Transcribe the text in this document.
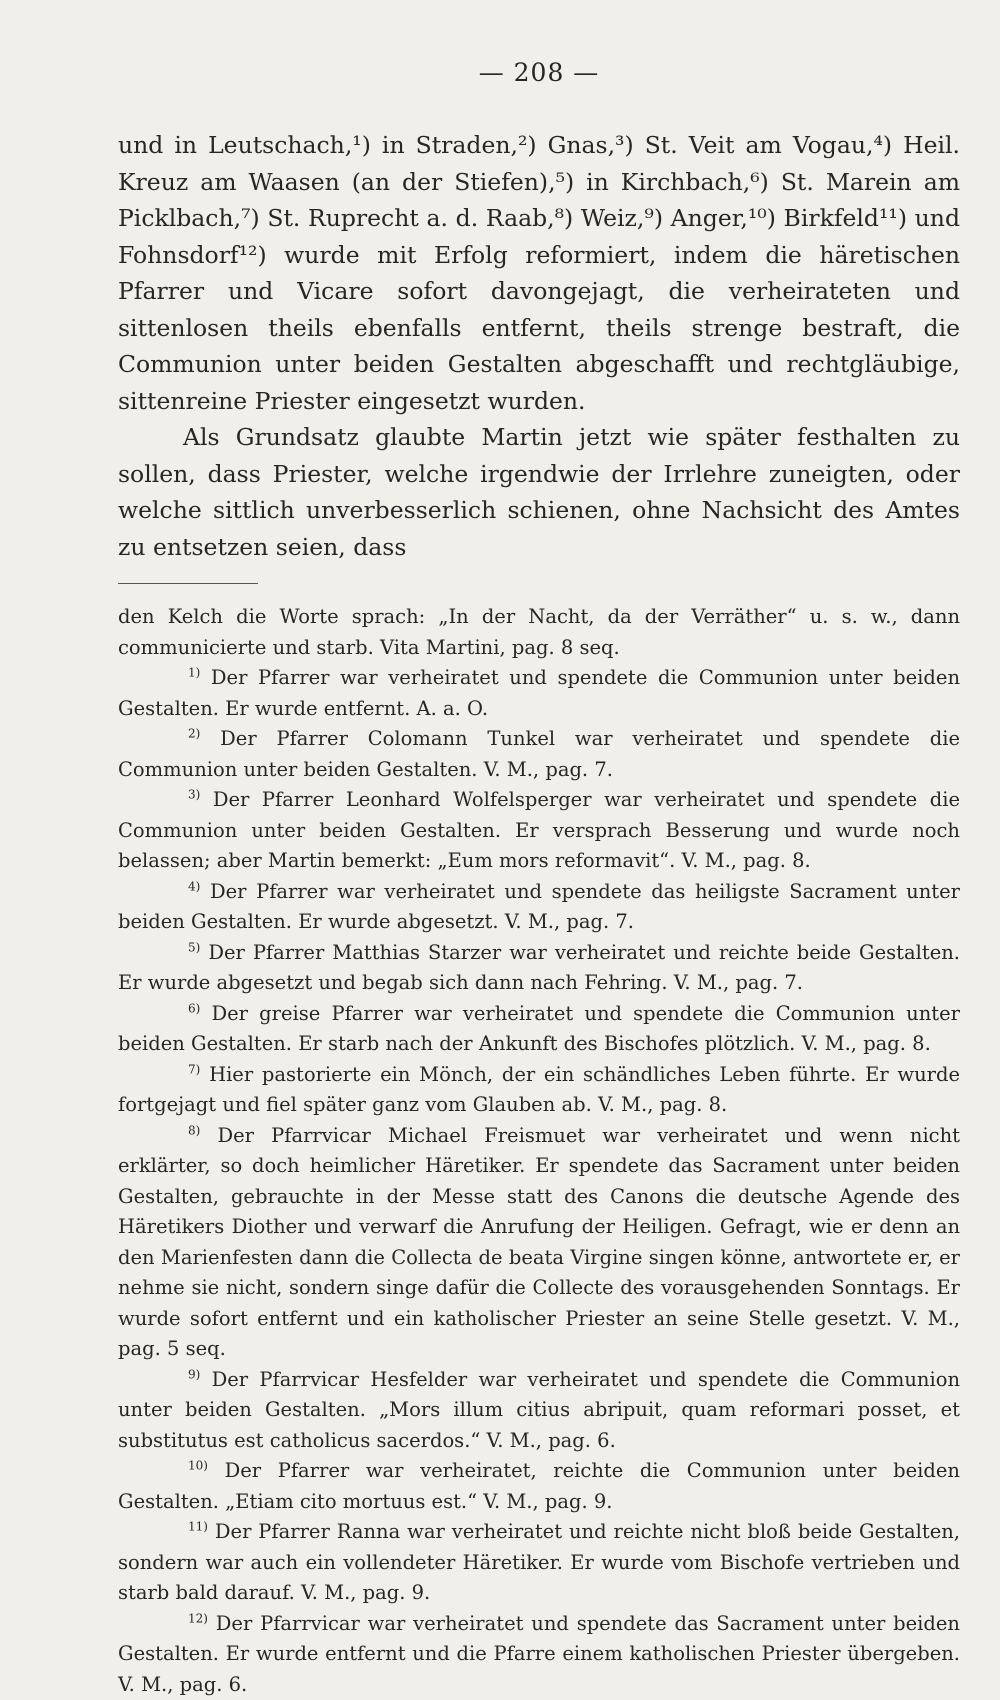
— 208 —

und in Leutschach,¹) in Straden,²) Gnas,³) St. Veit am Vogau,⁴) Heil. Kreuz am Waasen (an der Stiefen),⁵) in Kirchbach,⁶) St. Marein am Picklbach,⁷) St. Ruprecht a. d. Raab,⁸) Weiz,⁹) Anger,¹⁰) Birkfeld¹¹) und Fohnsdorf¹²) wurde mit Erfolg reformiert, indem die häretischen Pfarrer und Vicare sofort davongejagt, die verheirateten und sittenlosen theils ebenfalls entfernt, theils strenge bestraft, die Communion unter beiden Gestalten abgeschafft und rechtgläubige, sittenreine Priester eingesetzt wurden.

Als Grundsatz glaubte Martin jetzt wie später festhalten zu sollen, dass Priester, welche irgendwie der Irrlehre zuneigten, oder welche sittlich unverbesserlich schienen, ohne Nachsicht des Amtes zu entsetzen seien, dass

den Kelch die Worte sprach: „In der Nacht, da der Verräther“ u. s. w., dann communicierte und starb. Vita Martini, pag. 8 seq.

$^{1)}$ Der Pfarrer war verheiratet und spendete die Communion unter beiden Gestalten. Er wurde entfernt. A. a. O.

$^{2)}$ Der Pfarrer Colomann Tunkel war verheiratet und spendete die Communion unter beiden Gestalten. V. M., pag. 7.

$^{3)}$ Der Pfarrer Leonhard Wolfelsperger war verheiratet und spendete die Communion unter beiden Gestalten. Er versprach Besserung und wurde noch belassen; aber Martin bemerkt: „Eum mors reformavit“. V. M., pag. 8.

$^{4)}$ Der Pfarrer war verheiratet und spendete das heiligste Sacrament unter beiden Gestalten. Er wurde abgesetzt. V. M., pag. 7.

$^{5)}$ Der Pfarrer Matthias Starzer war verheiratet und reichte beide Gestalten. Er wurde abgesetzt und begab sich dann nach Fehring. V. M., pag. 7.

$^{6)}$ Der greise Pfarrer war verheiratet und spendete die Communion unter beiden Gestalten. Er starb nach der Ankunft des Bischofes plötzlich. V. M., pag. 8.

$^{7)}$ Hier pastorierte ein Mönch, der ein schändliches Leben führte. Er wurde fortgejagt und fiel später ganz vom Glauben ab. V. M., pag. 8.

$^{8)}$ Der Pfarrvicar Michael Freismuet war verheiratet und wenn nicht erklärter, so doch heimlicher Häretiker. Er spendete das Sacrament unter beiden Gestalten, gebrauchte in der Messe statt des Canons die deutsche Agende des Häretikers Diother und verwarf die Anrufung der Heiligen. Gefragt, wie er denn an den Marienfesten dann die Collecta de beata Virgine singen könne, antwortete er, er nehme sie nicht, sondern singe dafür die Collecte des vorausgehenden Sonntags. Er wurde sofort entfernt und ein katholischer Priester an seine Stelle gesetzt. V. M., pag. 5 seq.

$^{9)}$ Der Pfarrvicar Hesfelder war verheiratet und spendete die Communion unter beiden Gestalten. „Mors illum citius abripuit, quam reformari posset, et substitutus est catholicus sacerdos.“ V. M., pag. 6.

$^{10)}$ Der Pfarrer war verheiratet, reichte die Communion unter beiden Gestalten. „Etiam cito mortuus est.“ V. M., pag. 9.

$^{11)}$ Der Pfarrer Ranna war verheiratet und reichte nicht bloß beide Gestalten, sondern war auch ein vollendeter Häretiker. Er wurde vom Bischofe vertrieben und starb bald darauf. V. M., pag. 9.

$^{12)}$ Der Pfarrvicar war verheiratet und spendete das Sacrament unter beiden Gestalten. Er wurde entfernt und die Pfarre einem katholischen Priester übergeben. V. M., pag. 6.
